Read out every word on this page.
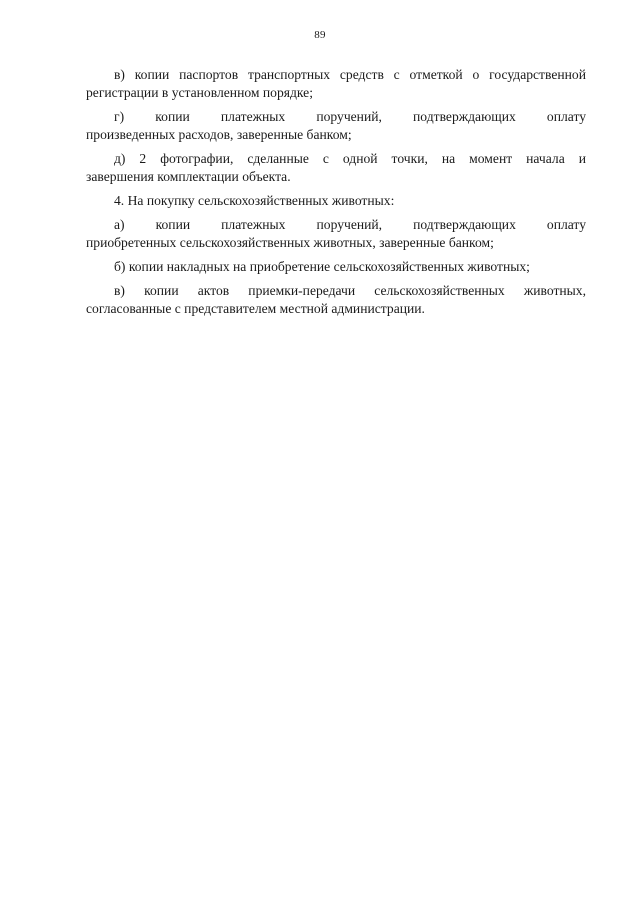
89

в) копии паспортов транспортных средств с отметкой о государственной
регистрации в установленном порядке;

г) копии платежных поручений, подтверждающих оплату
произведенных расходов, заверенные банком;

д) 2 фотографии, сделанные с одной точки, на момент начала и
завершения комплектации объекта.

4. На покупку сельскохозяйственных животных:

а) копии платежных поручений, подтверждающих оплату
приобретенных сельскохозяйственных животных, заверенные банком;

б) копии накладных на приобретение сельскохозяйственных животных;

в) копии актов приемки-передачи сельскохозяйственных животных,
согласованные с представителем местной администрации.
